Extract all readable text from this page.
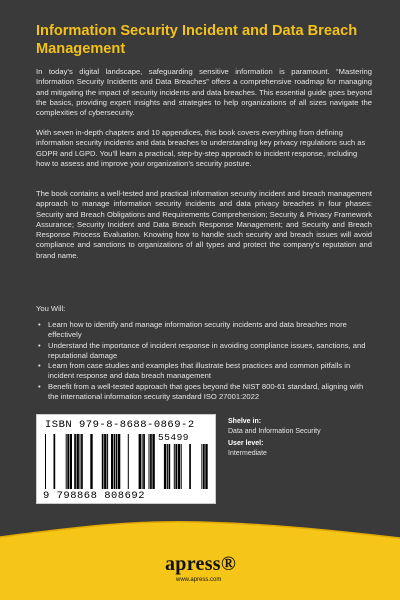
Information Security Incident and Data Breach Management
In today’s digital landscape, safeguarding sensitive information is paramount. “Mastering Information Security Incidents and Data Breaches” offers a comprehensive roadmap for managing and mitigating the impact of security incidents and data breaches. This essential guide goes beyond the basics, providing expert insights and strategies to help organizations of all sizes navigate the complexities of cybersecurity.
With seven in-depth chapters and 10 appendices, this book covers everything from defining information security incidents and data breaches to understanding key privacy regulations such as GDPR and LGPD. You’ll learn a practical, step-by-step approach to incident response, including how to assess and improve your organization’s security posture.
The book contains a well-tested and practical information security incident and breach management approach to manage information security incidents and data privacy breaches in four phases: Security and Breach Obligations and Requirements Comprehension; Security & Privacy Framework Assurance; Security Incident and Data Breach Response Management; and Security and Breach Response Process Evaluation. Knowing how to handle such security and breach issues will avoid compliance and sanctions to organizations of all types and protect the company’s reputation and brand name.
You Will:
• Learn how to identify and manage information security incidents and data breaches more effectively
• Understand the importance of incident response in avoiding compliance issues, sanctions, and reputational damage
• Learn from case studies and examples that illustrate best practices and common pitfalls in incident response and data breach management
• Benefit from a well-tested approach that goes beyond the NIST 800-61 standard, aligning with the international information security standard ISO 27001:2022
ISBN 979-8-8688-0869-2
55499
9 798868 808692
Shelve in:
Data and Information Security
User level:
Intermediate
apress®
www.apress.com
